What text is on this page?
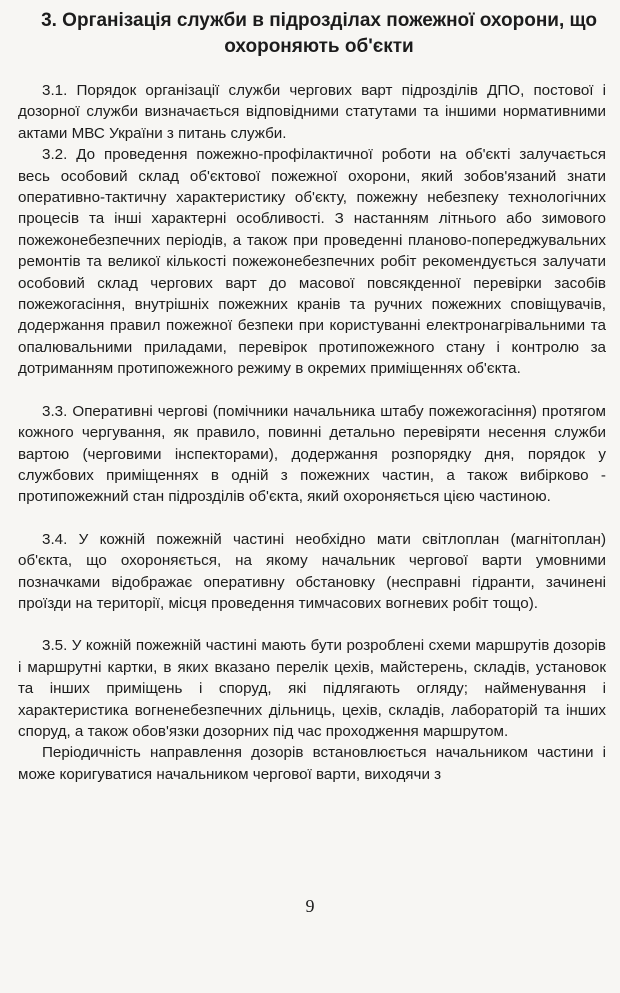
3. Організація служби в підрозділах пожежної охорони, що охороняють об'єкти

3.1. Порядок організації служби чергових варт підрозділів ДПО, постової і дозорної служби визначається відповідними статутами та іншими нормативними актами МВС України з питань служби.

3.2. До проведення пожежно-профілактичної роботи на об'єкті залучається весь особовий склад об'єктової пожежної охорони, який зобов'язаний знати оперативно-тактичну характеристику об'єкту, пожежну небезпеку технологічних процесів та інші характерні особливості. З настанням літнього або зимового пожежонебезпечних періодів, а також при проведенні планово-попереджувальних ремонтів та великої кількості пожежонебезпечних робіт рекомендується залучати особовий склад чергових варт до масової повсякденної перевірки засобів пожежогасіння, внутрішніх пожежних кранів та ручних пожежних сповіщувачів, додержання правил пожежної безпеки при користуванні електронагрівальними та опалювальними приладами, перевірок протипожежного стану і контролю за дотриманням протипожежного режиму в окремих приміщеннях об'єкта.

3.3. Оперативні чергові (помічники начальника штабу пожежогасіння) протягом кожного чергування, як правило, повинні детально перевіряти несення служби вартою (черговими інспекторами), додержання розпорядку дня, порядок у службових приміщеннях в одній з пожежних частин, а також вибірково - протипожежний стан підрозділів об'єкта, який охороняється цією частиною.

3.4. У кожній пожежній частині необхідно мати світлоплан (магнітоплан) об'єкта, що охороняється, на якому начальник чергової варти умовними позначками відображає оперативну обстановку (несправні гідранти, зачинені проїзди на території, місця проведення тимчасових вогневих робіт тощо).

3.5. У кожній пожежній частині мають бути розроблені схеми маршрутів дозорів і маршрутні картки, в яких вказано перелік цехів, майстерень, складів, установок та інших приміщень і споруд, які підлягають огляду; найменування і характеристика вогненебезпечних дільниць, цехів, складів, лабораторій та інших споруд, а також обов'язки дозорних під час проходження маршрутом.

Періодичність направлення дозорів встановлюється начальником частини і може коригуватися начальником чергової варти, виходячи з

9
